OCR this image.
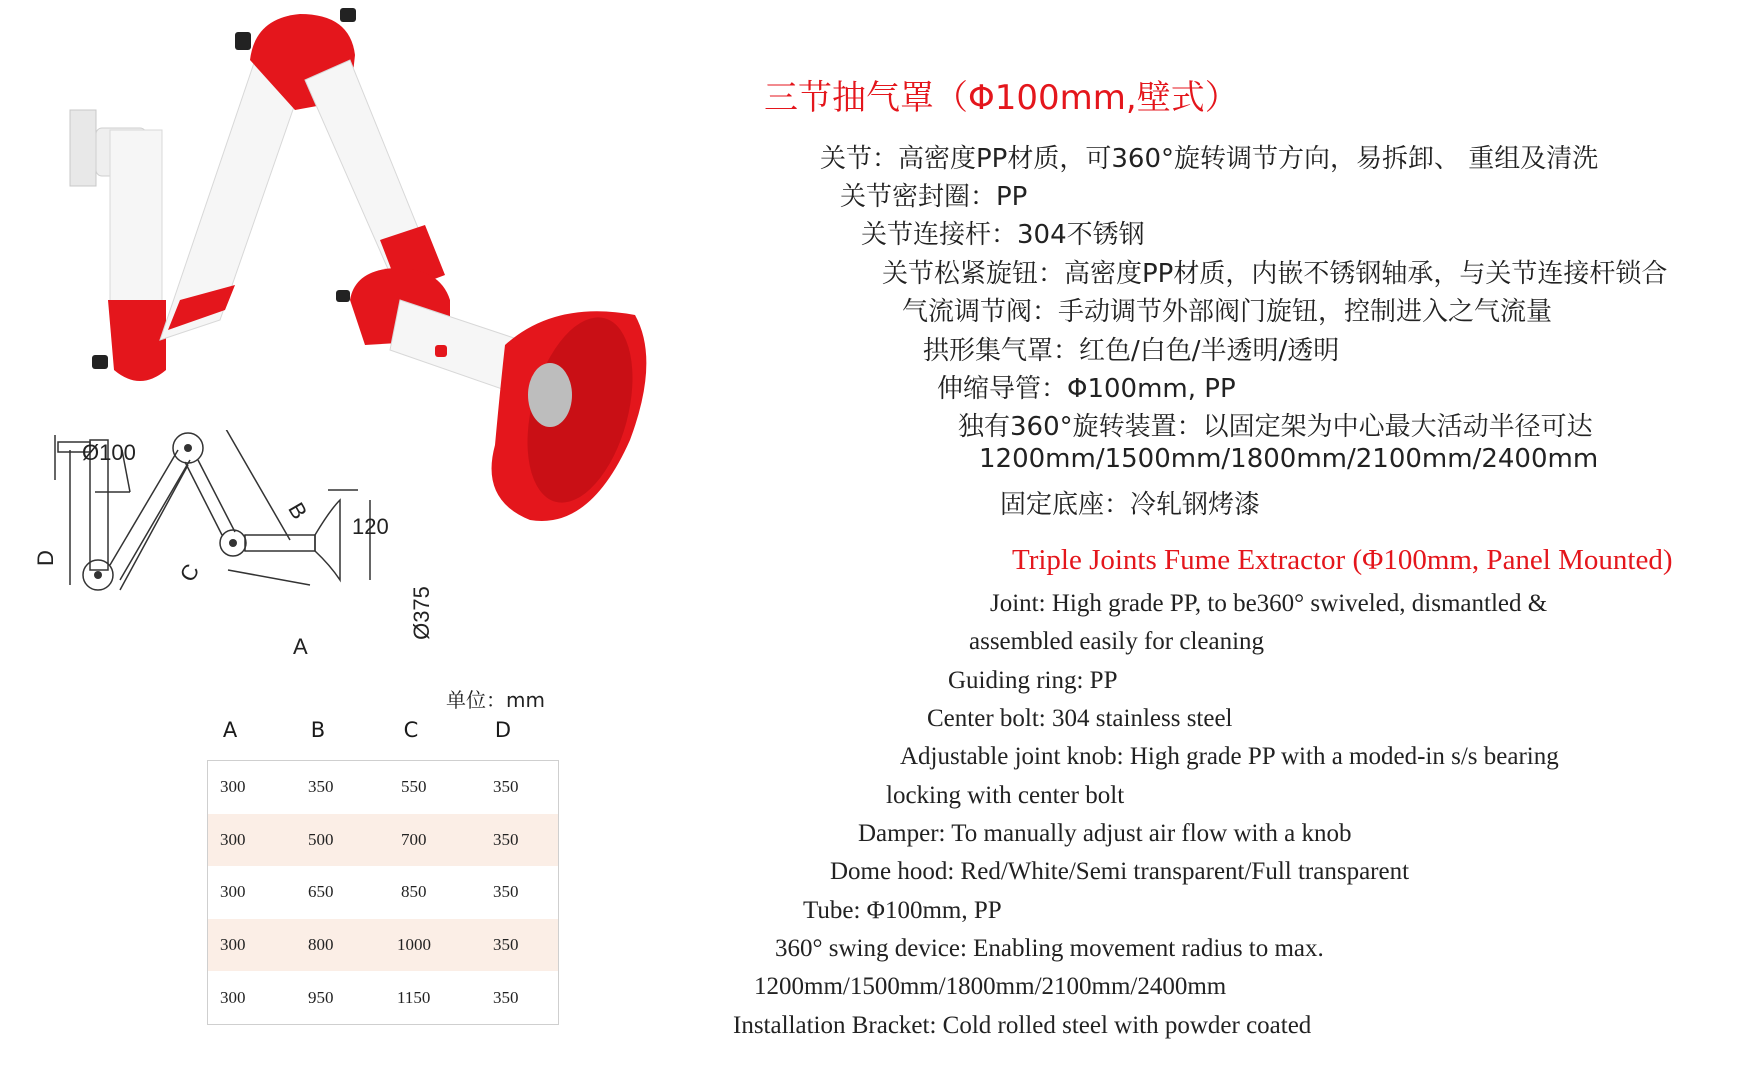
Ø100
D
C
B
A
120
Ø375
单位：mm
A	B	C	D
300	350	550	350
300	500	700	350
300	650	850	350
300	800	1000	350
300	950	1150	350
三节抽气罩（Φ100mm,壁式）
关节：高密度PP材质，可360°旋转调节方向，易拆卸、 重组及清洗
关节密封圈：PP
关节连接杆：304不锈钢
关节松紧旋钮：高密度PP材质，内嵌不锈钢轴承，与关节连接杆锁合
气流调节阀：手动调节外部阀门旋钮，控制进入之气流量
拱形集气罩：红色/白色/半透明/透明
伸缩导管：Φ100mm, PP
独有360°旋转装置：以固定架为中心最大活动半径可达
1200mm/1500mm/1800mm/2100mm/2400mm
固定底座：冷轧钢烤漆
Triple Joints Fume Extractor (Φ100mm, Panel Mounted)
Joint: High grade PP, to be360° swiveled, dismantled &
assembled easily for cleaning
Guiding ring: PP
Center bolt: 304 stainless steel
Adjustable joint knob: High grade PP with a moded-in s/s bearing
locking with center bolt
Damper: To manually adjust air flow with a knob
Dome hood: Red/White/Semi transparent/Full transparent
Tube: Φ100mm, PP
360° swing device: Enabling movement radius to max.
1200mm/1500mm/1800mm/2100mm/2400mm
Installation Bracket: Cold rolled steel with powder coated
